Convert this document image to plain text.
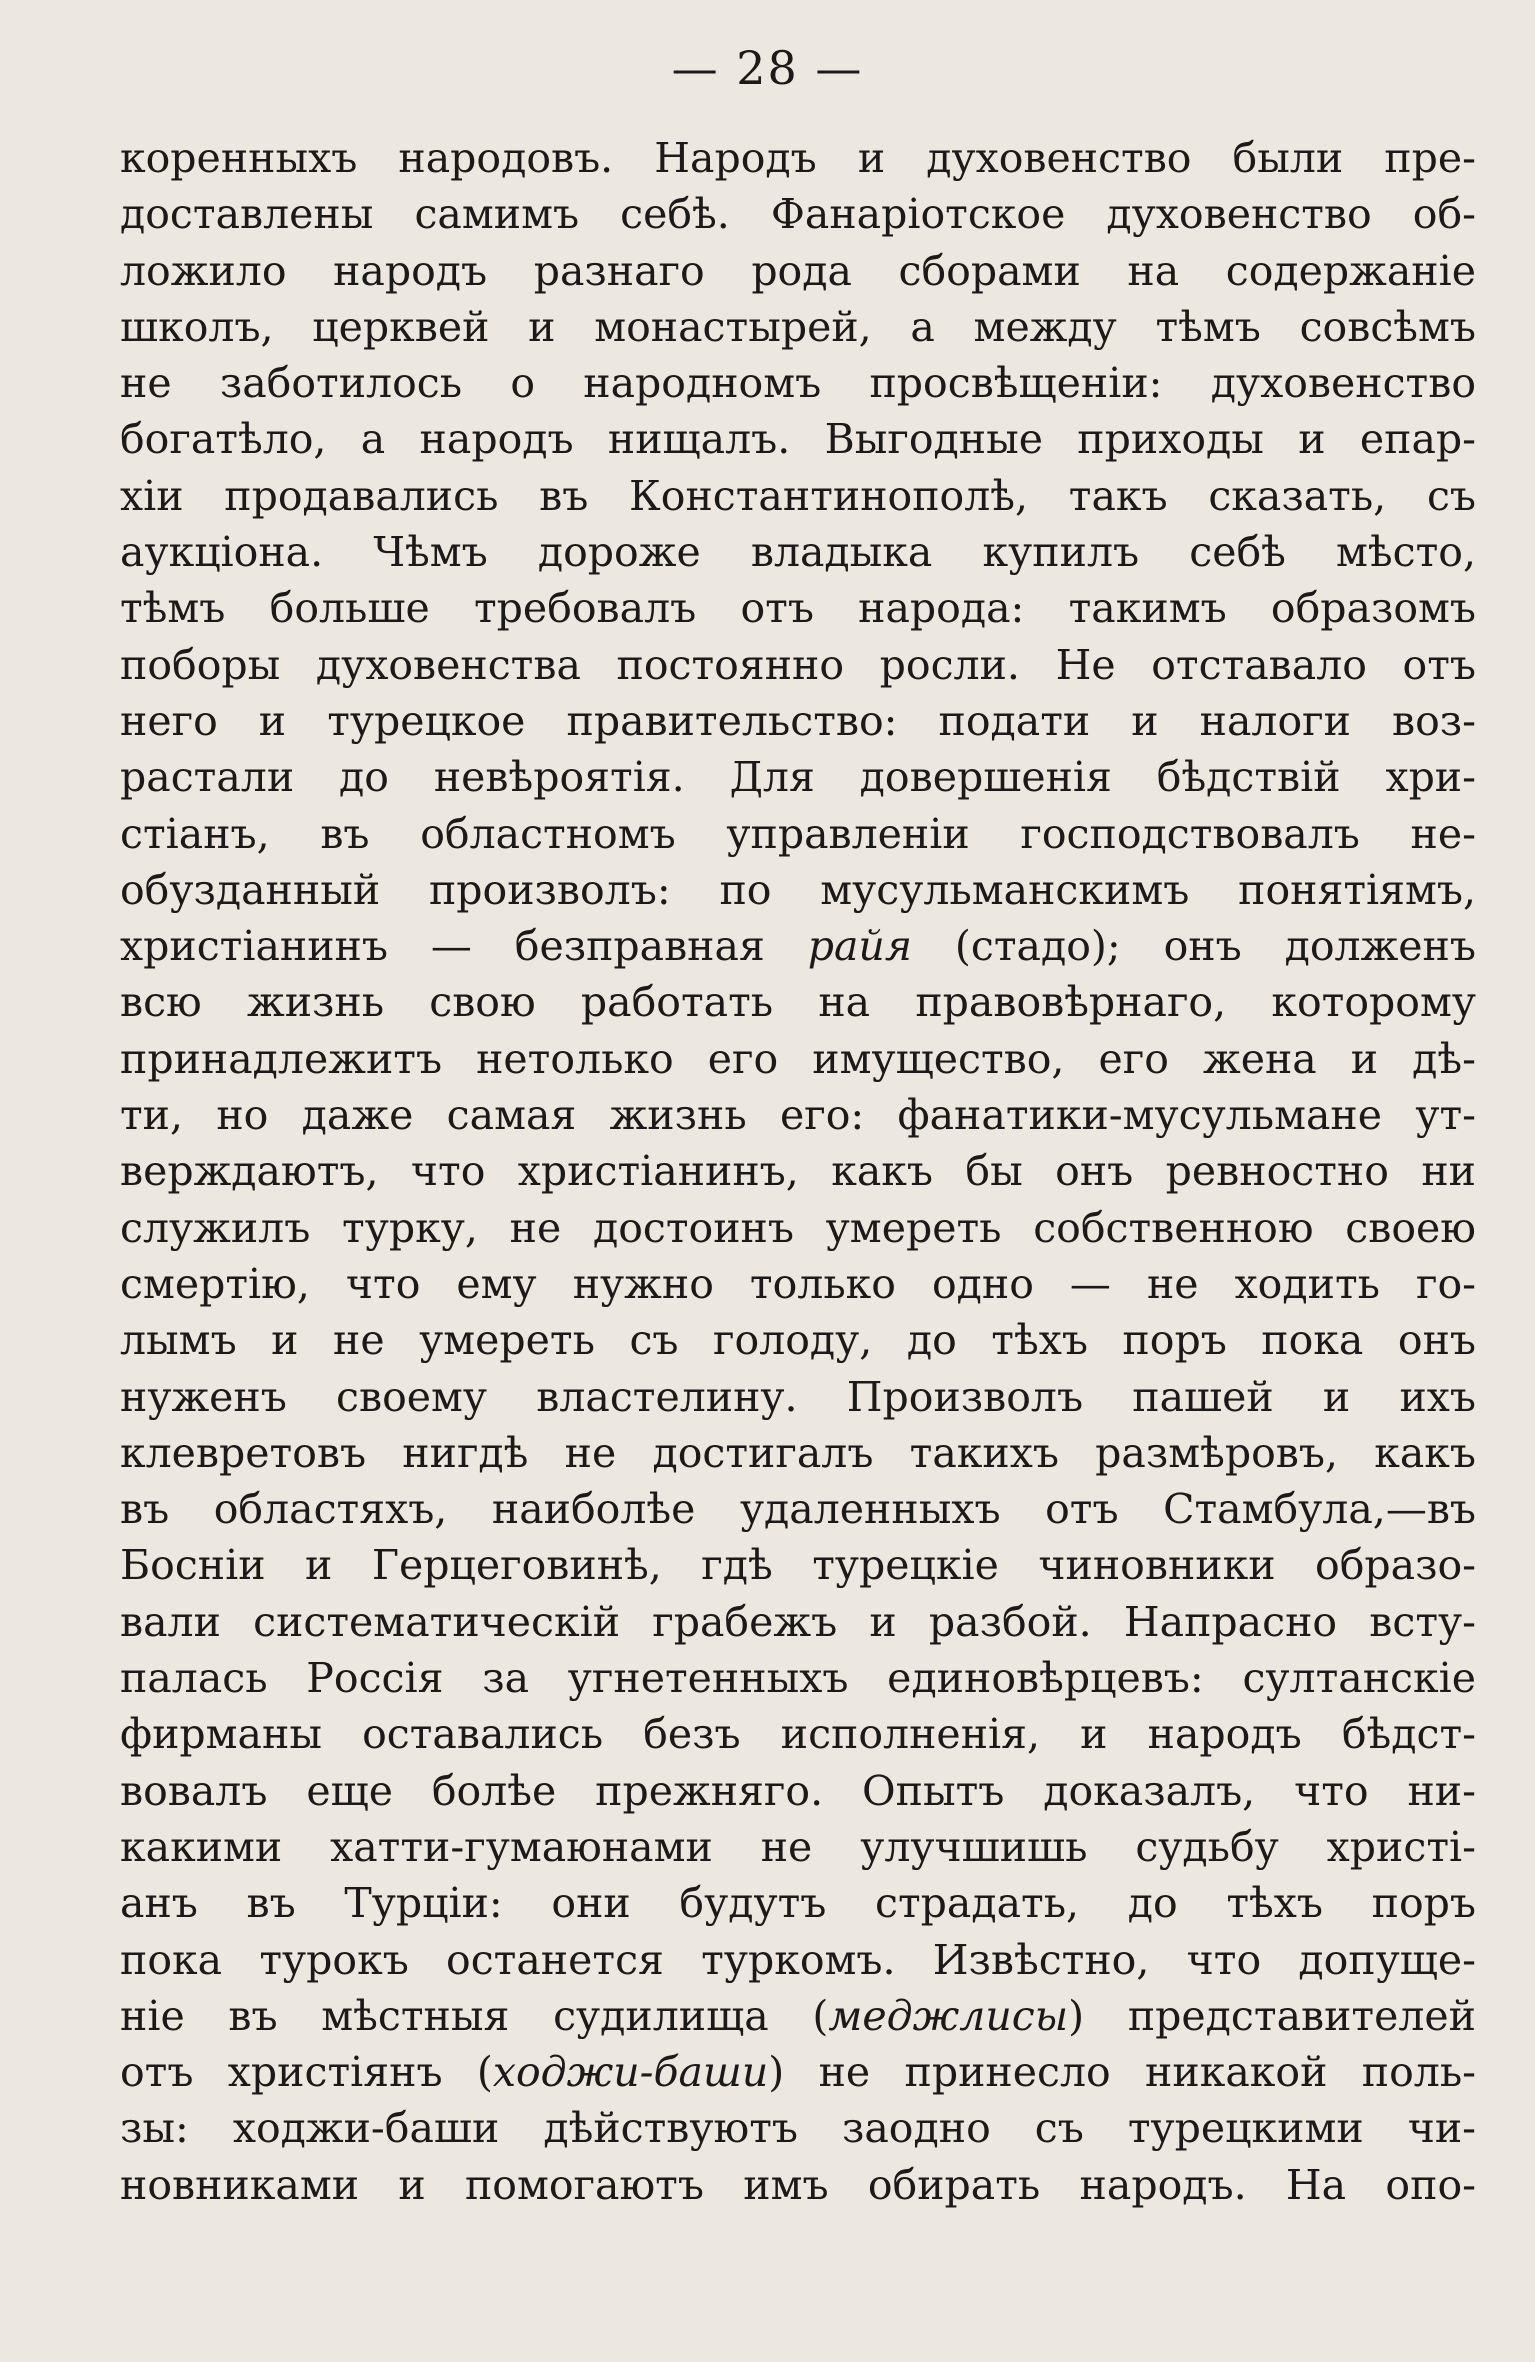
— 28 —
коренныхъ народовъ. Народъ и духовенство были пре-
доставлены самимъ себѣ. Фанаріотское духовенство об-
ложило народъ разнаго рода сборами на содержаніе
школъ, церквей и монастырей, а между тѣмъ совсѣмъ
не заботилось о народномъ просвѣщеніи: духовенство
богатѣло, а народъ нищалъ. Выгодные приходы и епар-
хіи продавались въ Константинополѣ, такъ сказать, съ
аукціона. Чѣмъ дороже владыка купилъ себѣ мѣсто,
тѣмъ больше требовалъ отъ народа: такимъ образомъ
поборы духовенства постоянно росли. Не отставало отъ
него и турецкое правительство: подати и налоги воз-
растали до невѣроятія. Для довершенія бѣдствій хри-
стіанъ, въ областномъ управленіи господствовалъ не-
обузданный произволъ: по мусульманскимъ понятіямъ,
христіанинъ — безправная райя (стадо); онъ долженъ
всю жизнь свою работать на правовѣрнаго, которому
принадлежитъ нетолько его имущество, его жена и дѣ-
ти, но даже самая жизнь его: фанатики-мусульмане ут-
верждаютъ, что христіанинъ, какъ бы онъ ревностно ни
служилъ турку, не достоинъ умереть собственною своею
смертію, что ему нужно только одно — не ходить го-
лымъ и не умереть съ голоду, до тѣхъ поръ пока онъ
нуженъ своему властелину. Произволъ пашей и ихъ
клевретовъ нигдѣ не достигалъ такихъ размѣровъ, какъ
въ областяхъ, наиболѣе удаленныхъ отъ Стамбула,—въ
Босніи и Герцеговинѣ, гдѣ турецкіе чиновники образо-
вали систематическій грабежъ и разбой. Напрасно всту-
палась Россія за угнетенныхъ единовѣрцевъ: султанскіе
фирманы оставались безъ исполненія, и народъ бѣдст-
вовалъ еще болѣе прежняго. Опытъ доказалъ, что ни-
какими хатти-гумаюнами не улучшишь судьбу христі-
анъ въ Турціи: они будутъ страдать, до тѣхъ поръ
пока турокъ останется туркомъ. Извѣстно, что допуще-
ніе въ мѣстныя судилища (меджлисы) представителей
отъ христіянъ (ходжи-баши) не принесло никакой поль-
зы: ходжи-баши дѣйствуютъ заодно съ турецкими чи-
новниками и помогаютъ имъ обирать народъ. На опо-
